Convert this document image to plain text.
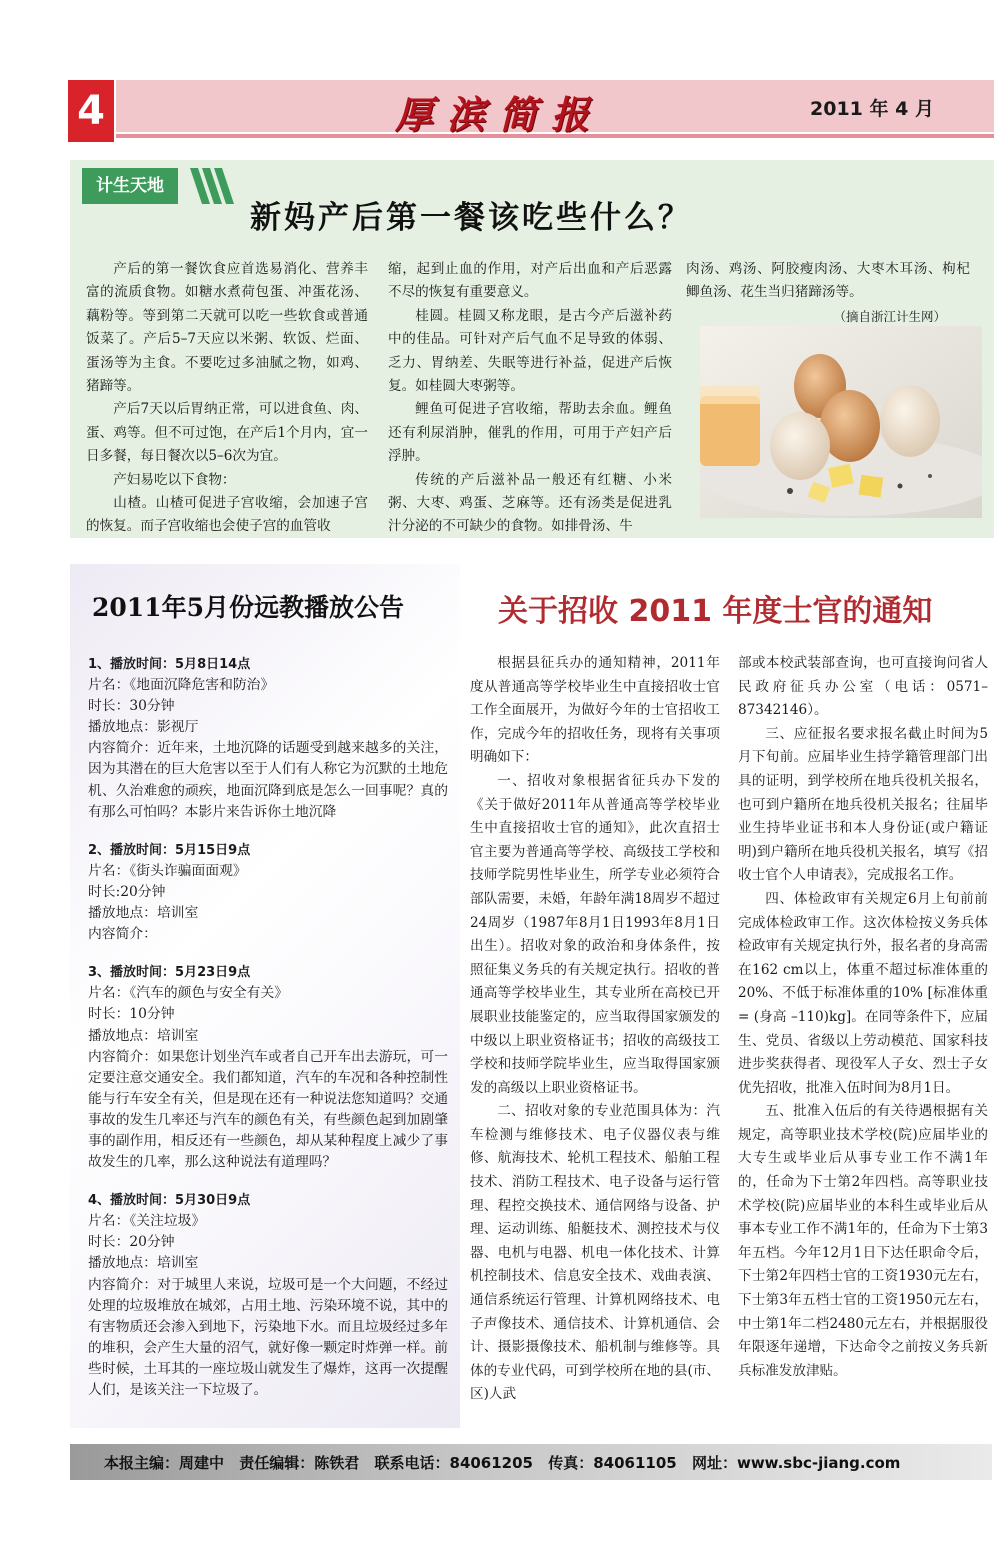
4	厚滨简报	2011 年 4 月
计生天地
新妈产后第一餐该吃些什么？

产后的第一餐饮食应首选易消化、营养丰富的流质食物。如糖水煮荷包蛋、冲蛋花汤、藕粉等。等到第二天就可以吃一些软食或普通饭菜了。产后5–7天应以米粥、软饭、烂面、蛋汤等为主食。不要吃过多油腻之物，如鸡、猪蹄等。

产后7天以后胃纳正常，可以进食鱼、肉、蛋、鸡等。但不可过饱，在产后1个月内，宜一日多餐，每日餐次以5–6次为宜。

产妇易吃以下食物：

山楂。山楂可促进子宫收缩，会加速子宫的恢复。而子宫收缩也会使子宫的血管收

缩，起到止血的作用，对产后出血和产后恶露不尽的恢复有重要意义。

桂圆。桂圆又称龙眼，是古今产后滋补药中的佳品。可针对产后气血不足导致的体弱、乏力、胃纳差、失眠等进行补益，促进产后恢复。如桂圆大枣粥等。

鲤鱼可促进子宫收缩，帮助去余血。鲤鱼还有利尿消肿，催乳的作用，可用于产妇产后浮肿。

传统的产后滋补品一般还有红糖、小米粥、大枣、鸡蛋、芝麻等。还有汤类是促进乳汁分泌的不可缺少的食物。如排骨汤、牛

肉汤、鸡汤、阿胶瘦肉汤、大枣木耳汤、枸杞鲫鱼汤、花生当归猪蹄汤等。

（摘自浙江计生网）

2011年5月份远教播放公告
1、播放时间：5月8日14点
片名：《地面沉降危害和防治》
时长：30分钟
播放地点：影视厅
内容简介：近年来，土地沉降的话题受到越来越多的关注，因为其潜在的巨大危害以至于人们有人称它为沉默的土地危机、久治难愈的顽疾，地面沉降到底是怎么一回事呢？真的有那么可怕吗？本影片来告诉你土地沉降
2、播放时间：5月15日9点
片名：《街头诈骗面面观》
时长:20分钟
播放地点：培训室
内容简介：
3、播放时间：5月23日9点
片名：《汽车的颜色与安全有关》
时长：10分钟
播放地点：培训室
内容简介：如果您计划坐汽车或者自己开车出去游玩，可一定要注意交通安全。我们都知道，汽车的车况和各种控制性能与行车安全有关，但是现在还有一种说法您知道吗？交通事故的发生几率还与汽车的颜色有关，有些颜色起到加剧肇事的副作用，相反还有一些颜色，却从某种程度上减少了事故发生的几率，那么这种说法有道理吗？
4、播放时间：5月30日9点
片名：《关注垃圾》
时长：20分钟
播放地点：培训室
内容简介：对于城里人来说，垃圾可是一个大问题，不经过处理的垃圾堆放在城郊，占用土地、污染环境不说，其中的有害物质还会渗入到地下，污染地下水。而且垃圾经过多年的堆积，会产生大量的沼气，就好像一颗定时炸弹一样。前些时候，土耳其的一座垃圾山就发生了爆炸，这再一次提醒人们，是该关注一下垃圾了。
关于招收 2011 年度士官的通知

根据县征兵办的通知精神，2011年度从普通高等学校毕业生中直接招收士官工作全面展开，为做好今年的士官招收工作，完成今年的招收任务，现将有关事项明确如下：

一、招收对象根据省征兵办下发的《关于做好2011年从普通高等学校毕业生中直接招收士官的通知》，此次直招士官主要为普通高等学校、高级技工学校和技师学院男性毕业生，所学专业必须符合部队需要，未婚，年龄年满18周岁不超过24周岁（1987年8月1日1993年8月1日出生）。招收对象的政治和身体条件，按照征集义务兵的有关规定执行。招收的普通高等学校毕业生，其专业所在高校已开展职业技能鉴定的，应当取得国家颁发的中级以上职业资格证书；招收的高级技工学校和技师学院毕业生，应当取得国家颁发的高级以上职业资格证书。

二、招收对象的专业范围具体为：汽车检测与维修技术、电子仪器仪表与维修、航海技术、轮机工程技术、船舶工程技术、消防工程技术、电子设备与运行管理、程控交换技术、通信网络与设备、护理、运动训练、船艇技术、测控技术与仪器、电机与电器、机电一体化技术、计算机控制技术、信息安全技术、戏曲表演、通信系统运行管理、计算机网络技术、电子声像技术、通信技术、计算机通信、会计、摄影摄像技术、船机制与维修等。具体的专业代码，可到学校所在地的县(市、区)人武

部或本校武装部查询，也可直接询问省人民政府征兵办公室（电话：0571–87342146）。

三、应征报名要求报名截止时间为5月下旬前。应届毕业生持学籍管理部门出具的证明，到学校所在地兵役机关报名，也可到户籍所在地兵役机关报名；往届毕业生持毕业证书和本人身份证(或户籍证明)到户籍所在地兵役机关报名，填写《招收士官个人申请表》，完成报名工作。

四、体检政审有关规定6月上旬前前完成体检政审工作。这次体检按义务兵体检政审有关规定执行外，报名者的身高需在162 cm以上，体重不超过标准体重的20%、不低于标准体重的10% [标准体重 = (身高 –110)kg]。在同等条件下，应届生、党员、省级以上劳动模范、国家科技进步奖获得者、现役军人子女、烈士子女优先招收，批准入伍时间为8月1日。

五、批准入伍后的有关待遇根据有关规定，高等职业技术学校(院)应届毕业的大专生或毕业后从事专业工作不满1年的，任命为下士第2年四档。高等职业技术学校(院)应届毕业的本科生或毕业后从事本专业工作不满1年的，任命为下士第3年五档。今年12月1日下达任职命令后，下士第2年四档士官的工资1930元左右，下士第3年五档士官的工资1950元左右，中士第1年二档2480元左右，并根据服役年限逐年递增，下达命令之前按义务兵新兵标准发放津贴。

本报主编：周建中 责任编辑：陈铁君 联系电话：84061205 传真：84061105 网址：www.sbc-jiang.com
